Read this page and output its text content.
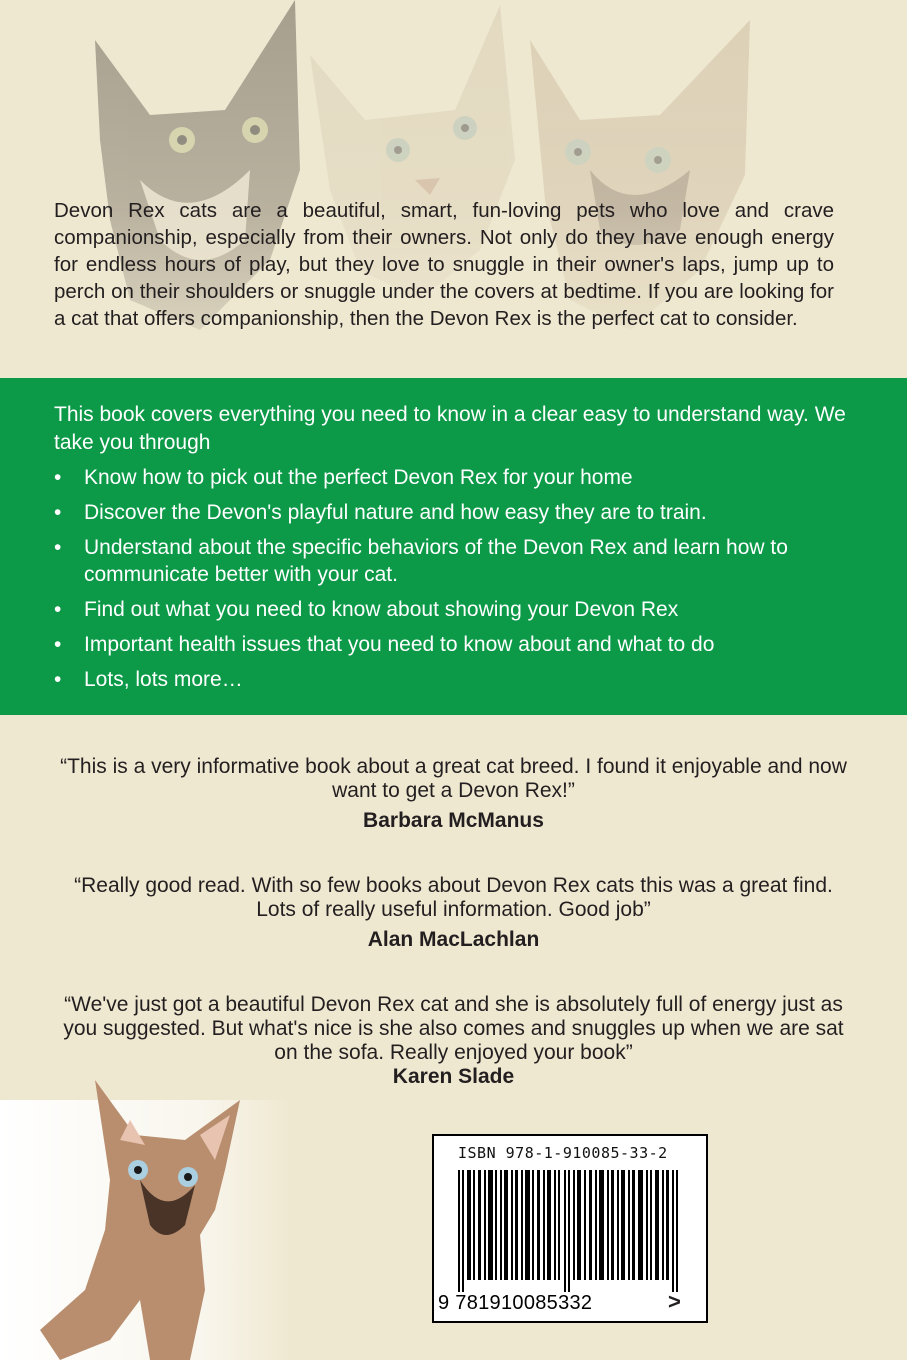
Devon Rex cats are a beautiful, smart, fun-loving pets who love and crave companionship, especially from their owners. Not only do they have enough energy for endless hours of play, but they love to snuggle in their owner's laps, jump up to perch on their shoulders or snuggle under the covers at bedtime. If you are looking for a cat that offers companionship, then the Devon Rex is the perfect cat to consider.

This book covers everything you need to know in a clear easy to understand way. We take you through

• Know how to pick out the perfect Devon Rex for your home
• Discover the Devon's playful nature and how easy they are to train.
• Understand about the specific behaviors of the Devon Rex and learn how to communicate better with your cat.
• Find out what you need to know about showing your Devon Rex
• Important health issues that you need to know about and what to do
• Lots, lots more…

“This is a very informative book about a great cat breed. I found it enjoyable and now want to get a Devon Rex!”

Barbara McManus

“Really good read. With so few books about Devon Rex cats this was a great find. Lots of really useful information. Good job”

Alan MacLachlan

“We've just got a beautiful Devon Rex cat and she is absolutely full of energy just as you suggested. But what's nice is she also comes and snuggles up when we are sat on the sofa. Really enjoyed your book”

Karen Slade

ISBN 978-1-910085-33-2
9 781910085332	>
